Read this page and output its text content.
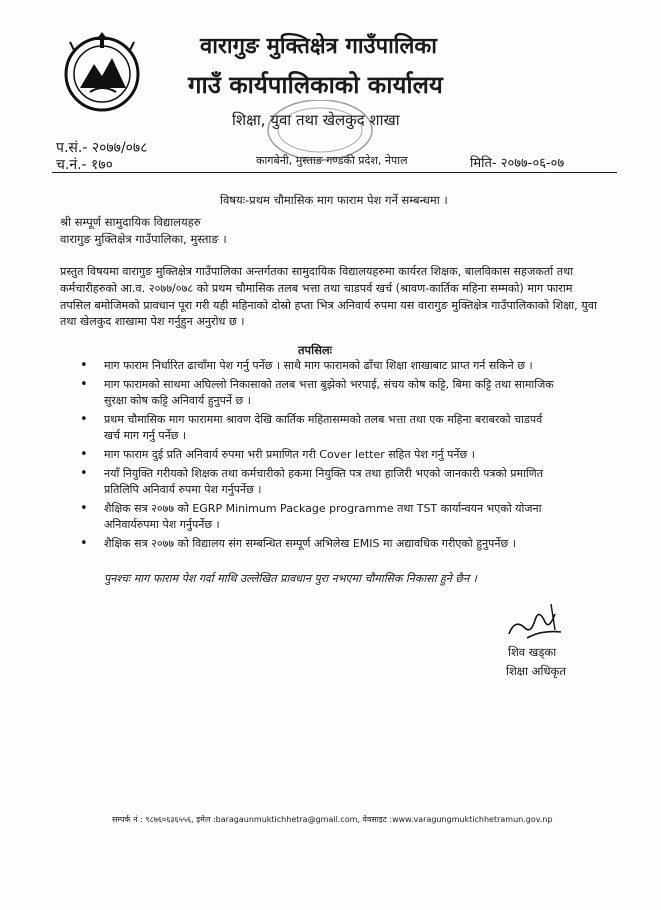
वारागुङ मुक्तिक्षेत्र गाउँपालिका
गाउँ कार्यपालिकाको कार्यालय
शिक्षा, युवा तथा खेलकुद शाखा
कागबेनी, मुस्ताङ गण्डकी प्रदेश, नेपाल
प.सं.- २०७७/०७८
च.नं.- १७०	मिति- २०७७-०६-०७
विषयः-प्रथम चौमासिक माग फाराम पेश गर्ने सम्बन्धमा ।
श्री सम्पूर्ण सामुदायिक विद्यालयहरु
वारागुङ मुक्तिक्षेत्र गाउँपालिका, मुस्ताङ ।
प्रस्तुत विषयमा वारागुङ मुक्तिक्षेत्र गाउँपालिका अन्तर्गतका सामुदायिक विद्यालयहरुमा कार्यरत शिक्षक, बालविकास सहजकर्ता तथा कर्मचारीहरुको आ.व. २०७७/०७८ को प्रथम चौमासिक तलब भत्ता तथा चाडपर्व खर्च (श्रावण-कार्तिक महिना सम्मको) माग फाराम तपसिल बमोजिमको प्रावधान पूरा गरी यही महिनाको दोस्रो हप्ता भित्र अनिवार्य रुपमा यस वारागुङ मुक्तिक्षेत्र गाउँपालिकाको शिक्षा, युवा तथा खेलकुद शाखामा पेश गर्नुहुन अनुरोध छ ।
तपसिलः
• माग फाराम निर्धारित ढाचाँमा पेश गर्नु पर्नेछ । साथै माग फारामको ढाँचा शिक्षा शाखाबाट प्राप्त गर्न सकिने छ ।
• माग फारामको साथमा अघिल्लो निकासाको तलब भत्ता बुझेको भरपाई, संचय कोष कट्टि, बिमा कट्टि तथा सामाजिक सुरक्षा कोष कट्टि अनिवार्य हुनुपर्ने छ ।
• प्रथम चौमासिक माग फाराममा श्रावण देखि कार्तिक महितासम्मको तलब भत्ता तथा एक महिना बराबरको चाडपर्व खर्च माग गर्नु पर्नेछ ।
• माग फाराम दुई प्रति अनिवार्य रुपमा भरी प्रमाणित गरी Cover letter सहित पेश गर्नु पर्नेछ ।
• नयाँ नियुक्ति गरीयको शिक्षक तथा कर्मचारीको हकमा नियुक्ति पत्र तथा हाजिरी भएको जानकारी पत्रको प्रमाणित प्रतिलिपि अनिवार्य रुपमा पेश गर्नुपर्नेछ ।
• शैक्षिक सत्र २०७७ को EGRP Minimum Package programme तथा TST कार्यान्वयन भएको योजना अनिवार्यरुपमा पेश गर्नुपर्नेछ ।
• शैक्षिक सत्र २०७७ को विद्यालय संग सम्बन्धित सम्पूर्ण अभिलेख EMIS मा अद्यावधिक गरीएको हुनुपर्नेछ ।
पुनश्चः माग फाराम पेश गर्दा माथि उल्लेखित प्रावधान पुरा नभएमा चौमासिक निकासा हुने छैन ।
शिव खड्का
शिक्षा अधिकृत
सम्पर्क नं : ९८७६०६३६५५६, इमेल :baragaunmuktichhetra@gmail.com, वेवसाइट :www.varagungmuktichhetramun.gov.np
